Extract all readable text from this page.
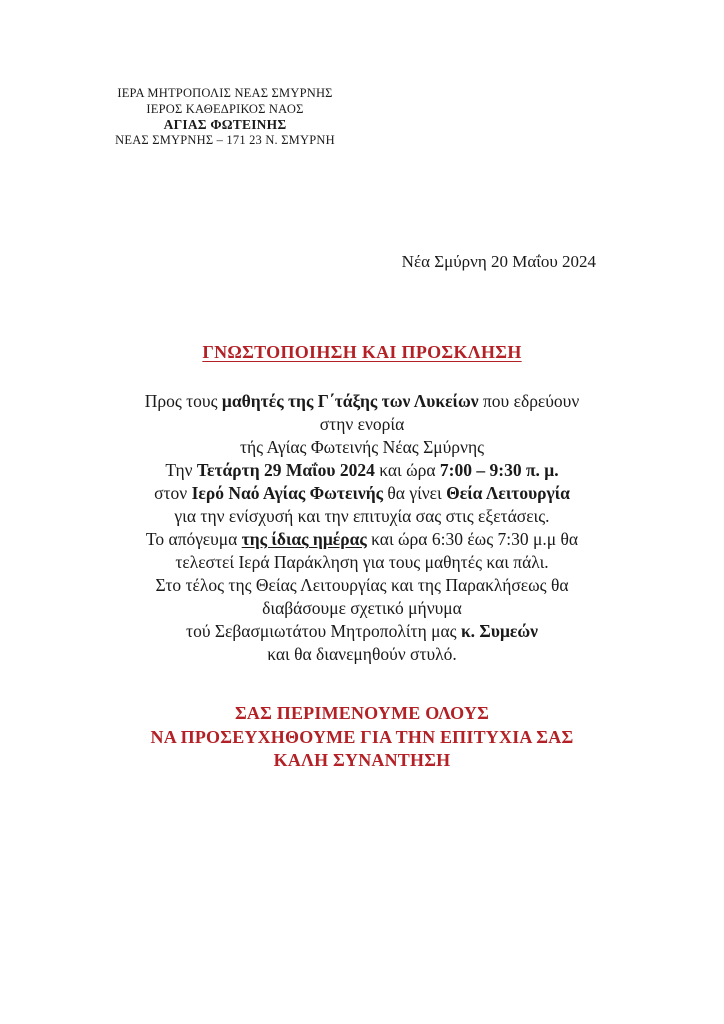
ΙΕΡΑ ΜΗΤΡΟΠΟΛΙΣ ΝΕΑΣ ΣΜΥΡΝΗΣ
ΙΕΡΟΣ ΚΑΘΕΔΡΙΚΟΣ ΝΑΟΣ
ΑΓΙΑΣ ΦΩΤΕΙΝΗΣ
ΝΕΑΣ ΣΜΥΡΝΗΣ – 171 23 Ν. ΣΜΥΡΝΗ
Νέα Σμύρνη 20 Μαΐου 2024
ΓΝΩΣΤΟΠΟΙΗΣΗ ΚΑΙ ΠΡΟΣΚΛΗΣΗ
Προς τους μαθητές της Γ΄τάξης των Λυκείων που εδρεύουν
στην ενορία
τής Αγίας Φωτεινής Νέας Σμύρνης
Την Τετάρτη 29 Μαΐου 2024 και ώρα 7:00 – 9:30 π. μ.
στον Ιερό Ναό Αγίας Φωτεινής θα γίνει Θεία Λειτουργία
για την ενίσχυσή και την επιτυχία σας στις εξετάσεις.
Το απόγευμα της ίδιας ημέρας και ώρα 6:30 έως 7:30 μ.μ θα
τελεστεί Ιερά Παράκληση για τους μαθητές και πάλι.
Στο τέλος της Θείας Λειτουργίας και της Παρακλήσεως θα
διαβάσουμε σχετικό μήνυμα
τού Σεβασμιωτάτου Μητροπολίτη μας κ. Συμεών
και θα διανεμηθούν στυλό.
ΣΑΣ ΠΕΡΙΜΕΝΟΥΜΕ ΟΛΟΥΣ
ΝΑ ΠΡΟΣΕΥΧΗΘΟΥΜΕ ΓΙΑ ΤΗΝ ΕΠΙΤΥΧΙΑ ΣΑΣ
ΚΑΛΗ ΣΥΝΑΝΤΗΣΗ
